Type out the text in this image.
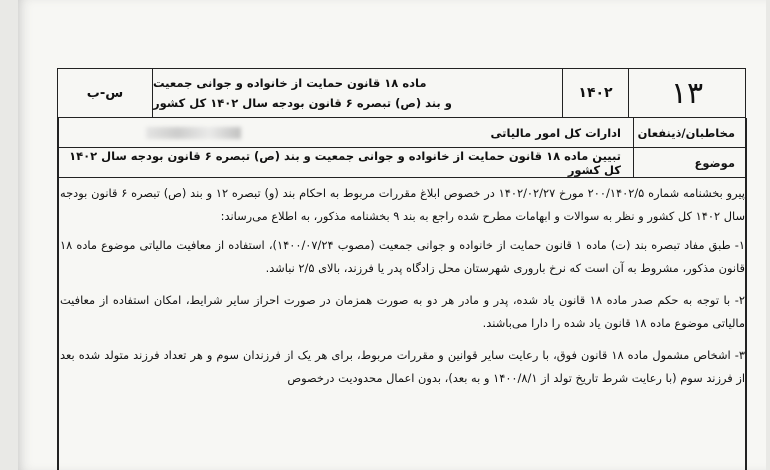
س-ب
ماده ۱۸ قانون حمایت از خانواده و جوانی جمعیت
و بند (ص) تبصره ۶ قانون بودجه سال ۱۴۰۲ کل کشور
۱۴۰۲	۱۳
مخاطبان/ذینفعان
ادارات کل امور مالیاتی
موضوع
تبیین ماده ۱۸ قانون حمایت از خانواده و جوانی جمعیت و بند (ص) تبصره ۶ قانون بودجه سال ۱۴۰۲ کل کشور

پیرو بخشنامه شماره ۲۰۰/۱۴۰۲/۵ مورخ ۱۴۰۲/۰۲/۲۷ در خصوص ابلاغ مقررات مربوط به احکام بند (و) تبصره ۱۲ و بند (ص) تبصره ۶ قانون بودجه سال ۱۴۰۲ کل کشور و نظر به سوالات و ابهامات مطرح شده راجع به بند ۹ بخشنامه مذکور، به اطلاع می‌رساند:

۱- طبق مفاد تبصره بند (ت) ماده ۱ قانون حمایت از خانواده و جوانی جمعیت (مصوب ۱۴۰۰/۰۷/۲۴)، استفاده از معافیت مالیاتی موضوع ماده ۱۸ قانون مذکور، مشروط به آن است که نرخ باروری شهرستان محل زادگاه پدر یا فرزند، بالای ۲/۵ نباشد.

۲- با توجه به حکم صدر ماده ۱۸ قانون یاد شده، پدر و مادر هر دو به صورت همزمان در صورت احراز سایر شرایط، امکان استفاده از معافیت مالیاتی موضوع ماده ۱۸ قانون یاد شده را دارا می‌باشند.

۳- اشخاص مشمول ماده ۱۸ قانون فوق، با رعایت سایر قوانین و مقررات مربوط، برای هر یک از فرزندان سوم و هر تعداد فرزند متولد شده بعد از فرزند سوم (با رعایت شرط تاریخ تولد از ۱۴۰۰/۸/۱ و به بعد)، بدون اعمال محدودیت درخصوص
